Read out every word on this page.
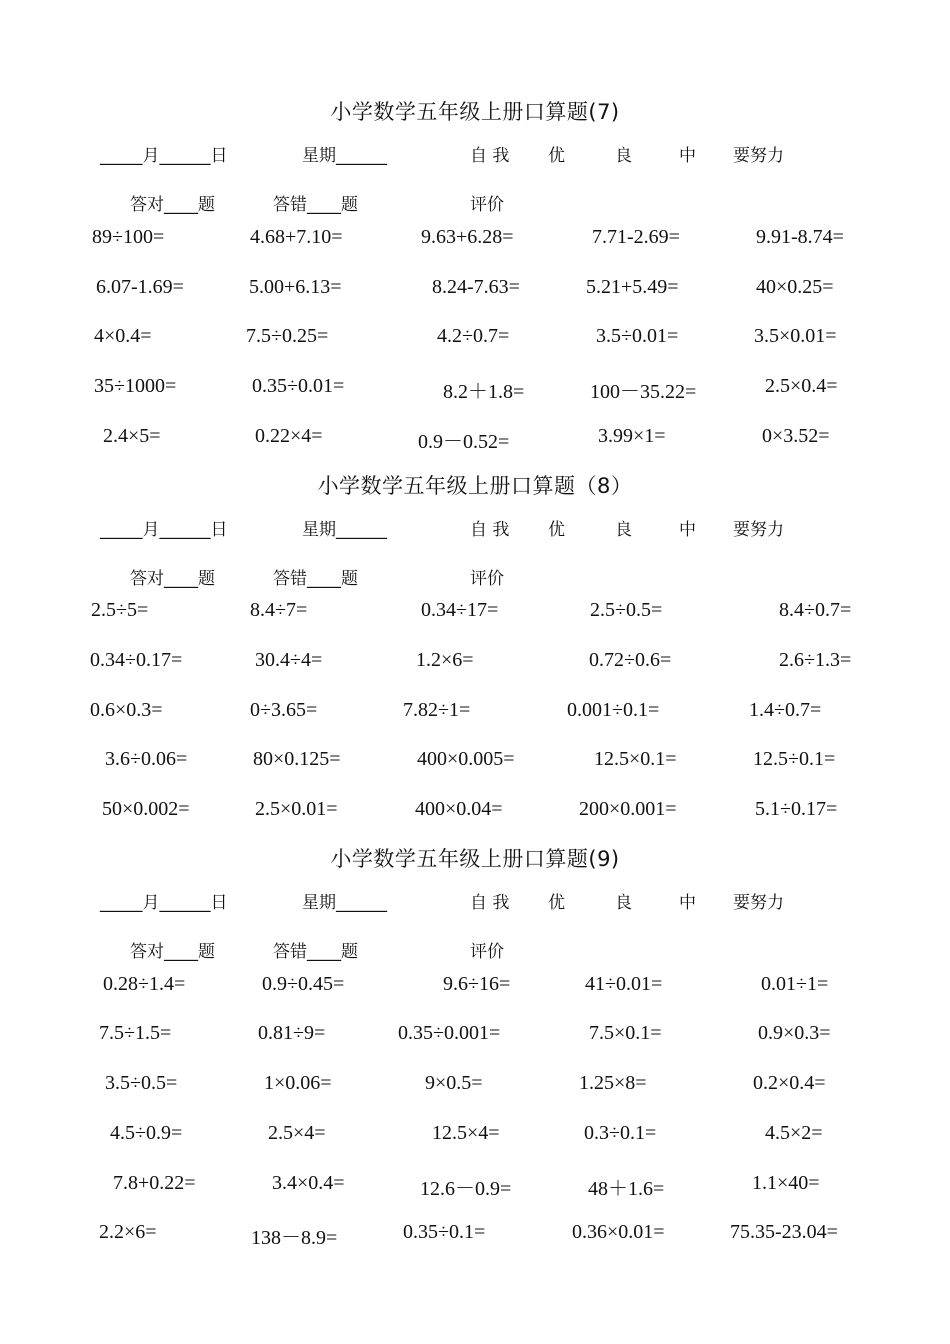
小学数学五年级上册口算题(7)
_____月______日	星期______	自 我 优	良	中 要努力
答对____题	答错____题	评价
89÷100=	4.68+7.10=	9.63+6.28=	7.71-2.69=	9.91-8.74=
6.07-1.69=	5.00+6.13=	8.24-7.63=	5.21+5.49=	40×0.25=
4×0.4=	7.5÷0.25=	4.2÷0.7=	3.5÷0.01=	3.5×0.01=
35÷1000=	0.35÷0.01=	8.2＋1.8=	100－35.22=	2.5×0.4=
2.4×5=	0.22×4=	0.9－0.52=	3.99×1=	0×3.52=
小学数学五年级上册口算题（8）
_____月______日	星期______	自 我 优	良	中 要努力
答对____题	答错____题	评价
2.5÷5=	8.4÷7=	0.34÷17=	2.5÷0.5=	8.4÷0.7=
0.34÷0.17=	30.4÷4=	1.2×6=	0.72÷0.6=	2.6÷1.3=
0.6×0.3=	0÷3.65=	7.82÷1=	0.001÷0.1=	1.4÷0.7=
3.6÷0.06=	80×0.125=	400×0.005=	12.5×0.1=	12.5÷0.1=
50×0.002=	2.5×0.01=	400×0.04=	200×0.001=	5.1÷0.17=
小学数学五年级上册口算题(9)
_____月______日	星期______	自 我 优	良	中 要努力
答对____题	答错____题	评价
0.28÷1.4=	0.9÷0.45=	9.6÷16=	41÷0.01=	0.01÷1=
7.5÷1.5=	0.81÷9=	0.35÷0.001=	7.5×0.1=	0.9×0.3=
3.5÷0.5=	1×0.06=	9×0.5=	1.25×8=	0.2×0.4=
4.5÷0.9=	2.5×4=	12.5×4=	0.3÷0.1=	4.5×2=
7.8+0.22=	3.4×0.4=	12.6－0.9=	48＋1.6=	1.1×40=
2.2×6=	138－8.9=	0.35÷0.1=	0.36×0.01=	75.35-23.04=
